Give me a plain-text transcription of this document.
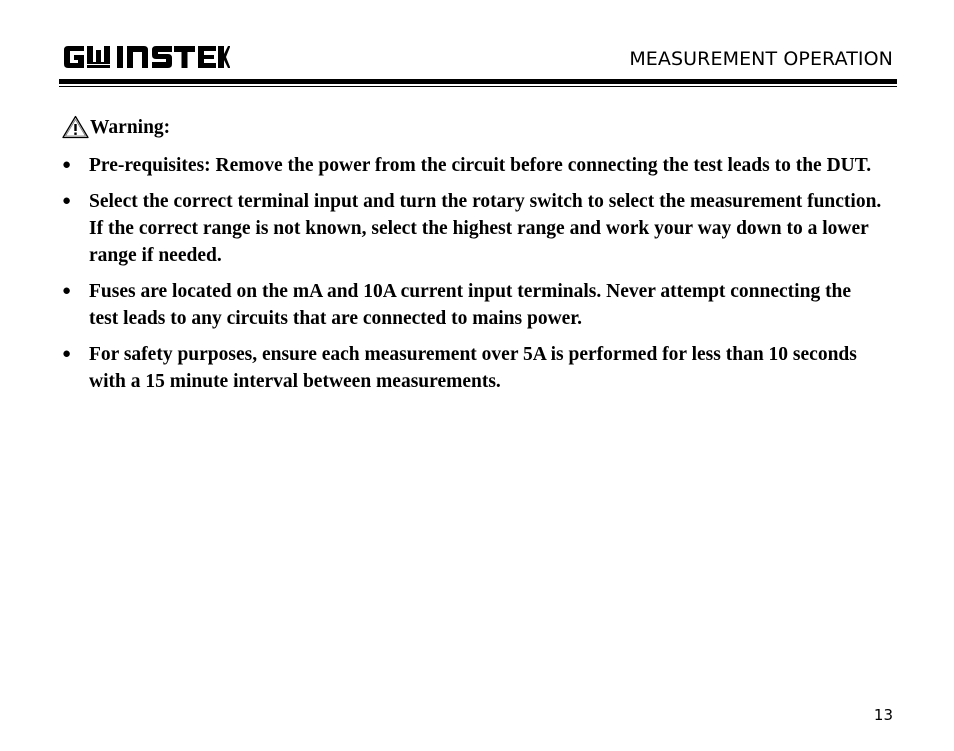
MEASUREMENT OPERATION
Warning:
● Pre-requisites: Remove the power from the circuit before connecting the test leads to the DUT.
● Select the correct terminal input and turn the rotary switch to select the measurement function. If the correct range is not known, select the highest range and work your way down to a lower range if needed.
● Fuses are located on the mA and 10A current input terminals. Never attempt connecting the test leads to any circuits that are connected to mains power.
● For safety purposes, ensure each measurement over 5A is performed for less than 10 seconds with a 15 minute interval between measurements.
13
